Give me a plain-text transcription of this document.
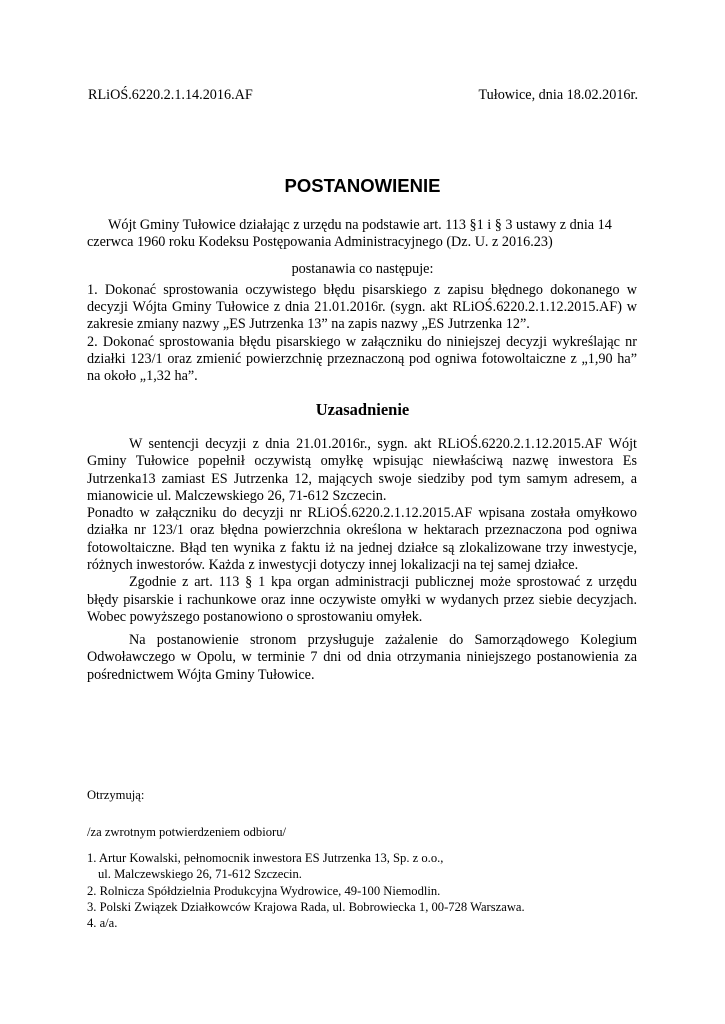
RLiOŚ.6220.2.1.14.2016.AF	Tułowice, dnia 18.02.2016r.
POSTANOWIENIE

Wójt Gminy Tułowice działając z urzędu na podstawie art. 113 §1 i § 3 ustawy z dnia 14 czerwca 1960 roku Kodeksu Postępowania Administracyjnego (Dz. U. z 2016.23)

postanawia co następuje:

1. Dokonać sprostowania oczywistego błędu pisarskiego z zapisu błędnego dokonanego w decyzji Wójta Gminy Tułowice z dnia 21.01.2016r. (sygn. akt RLiOŚ.6220.2.1.12.2015.AF) w zakresie zmiany nazwy „ES Jutrzenka 13” na zapis nazwy „ES Jutrzenka 12”.

2. Dokonać sprostowania błędu pisarskiego w załączniku do niniejszej decyzji wykreślając nr działki 123/1 oraz zmienić powierzchnię przeznaczoną pod ogniwa fotowoltaiczne z „1,90 ha” na około „1,32 ha”.

Uzasadnienie

W sentencji decyzji z dnia 21.01.2016r., sygn. akt RLiOŚ.6220.2.1.12.2015.AF Wójt Gminy Tułowice popełnił oczywistą omyłkę wpisując niewłaściwą nazwę inwestora Es Jutrzenka13 zamiast ES Jutrzenka 12, mających swoje siedziby pod tym samym adresem, a mianowicie ul. Malczewskiego 26, 71-612 Szczecin.

Ponadto w załączniku do decyzji nr RLiOŚ.6220.2.1.12.2015.AF wpisana została omyłkowo działka nr 123/1 oraz błędna powierzchnia określona w hektarach przeznaczona pod ogniwa fotowoltaiczne. Błąd ten wynika z faktu iż na jednej działce są zlokalizowane trzy inwestycje, różnych inwestorów. Każda z inwestycji dotyczy innej lokalizacji na tej samej działce.

Zgodnie z art. 113 § 1 kpa organ administracji publicznej może sprostować z urzędu błędy pisarskie i rachunkowe oraz inne oczywiste omyłki w wydanych przez siebie decyzjach. Wobec powyższego postanowiono o sprostowaniu omyłek.

Na postanowienie stronom przysługuje zażalenie do Samorządowego Kolegium Odwoławczego w Opolu, w terminie 7 dni od dnia otrzymania niniejszego postanowienia za pośrednictwem Wójta Gminy Tułowice.

Otrzymują:
/za zwrotnym potwierdzeniem odbioru/
1. Artur Kowalski, pełnomocnik inwestora ES Jutrzenka 13, Sp. z o.o.,
ul. Malczewskiego 26, 71-612 Szczecin.
2. Rolnicza Spółdzielnia Produkcyjna Wydrowice, 49-100 Niemodlin.
3. Polski Związek Działkowców Krajowa Rada, ul. Bobrowiecka 1, 00-728 Warszawa.
4. a/a.
